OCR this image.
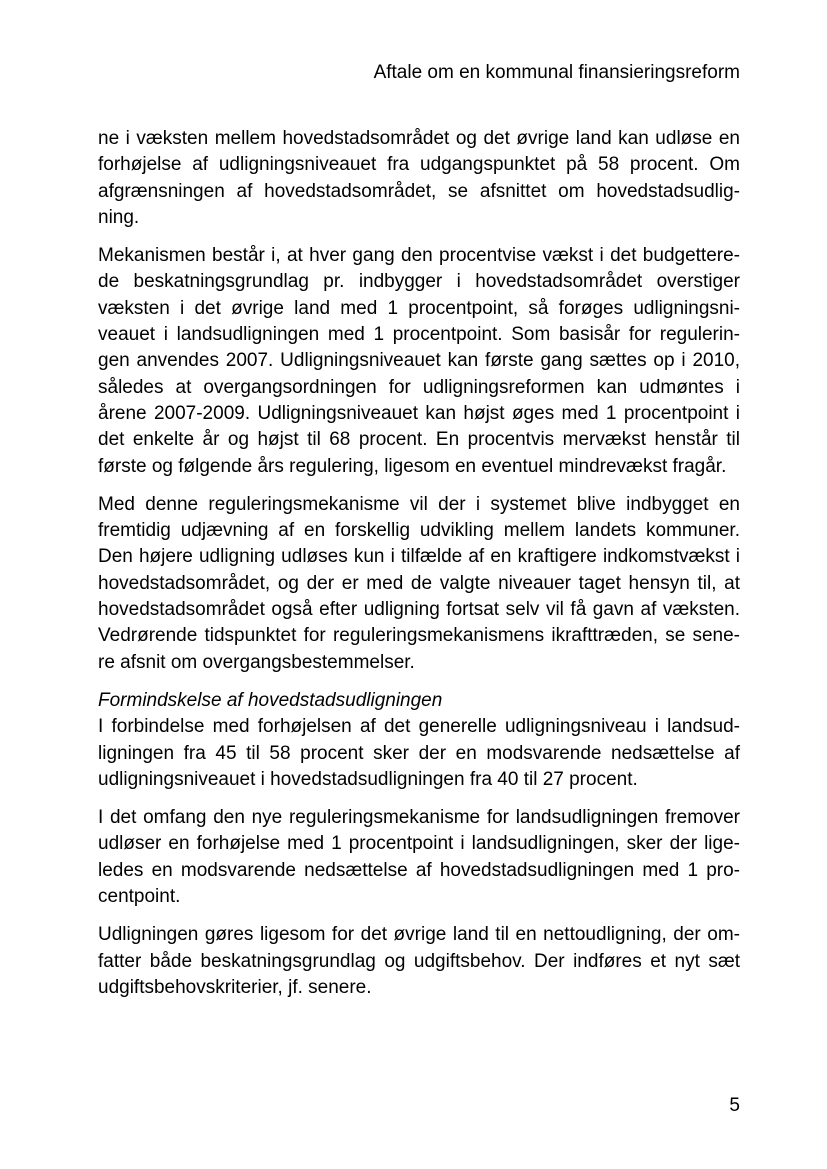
Aftale om en kommunal finansieringsreform
ne i væksten mellem hovedstadsområdet og det øvrige land kan udløse en
forhøjelse af udligningsniveauet fra udgangspunktet på 58 procent. Om
afgrænsningen af hovedstadsområdet, se afsnittet om hovedstadsudlig-
ning.
Mekanismen består i, at hver gang den procentvise vækst i det budgettere-
de beskatningsgrundlag pr. indbygger i hovedstadsområdet overstiger
væksten i det øvrige land med 1 procentpoint, så forøges udligningsni-
veauet i landsudligningen med 1 procentpoint. Som basisår for regulerin-
gen anvendes 2007. Udligningsniveauet kan første gang sættes op i 2010,
således at overgangsordningen for udligningsreformen kan udmøntes i
årene 2007-2009. Udligningsniveauet kan højst øges med 1 procentpoint i
det enkelte år og højst til 68 procent. En procentvis mervækst henstår til
første og følgende års regulering, ligesom en eventuel mindrevækst fragår.
Med denne reguleringsmekanisme vil der i systemet blive indbygget en
fremtidig udjævning af en forskellig udvikling mellem landets kommuner.
Den højere udligning udløses kun i tilfælde af en kraftigere indkomstvækst i
hovedstadsområdet, og der er med de valgte niveauer taget hensyn til, at
hovedstadsområdet også efter udligning fortsat selv vil få gavn af væksten.
Vedrørende tidspunktet for reguleringsmekanismens ikrafttræden, se sene-
re afsnit om overgangsbestemmelser.
Formindskelse af hovedstadsudligningen
I forbindelse med forhøjelsen af det generelle udligningsniveau i landsud-
ligningen fra 45 til 58 procent sker der en modsvarende nedsættelse af
udligningsniveauet i hovedstadsudligningen fra 40 til 27 procent.
I det omfang den nye reguleringsmekanisme for landsudligningen fremover
udløser en forhøjelse med 1 procentpoint i landsudligningen, sker der lige-
ledes en modsvarende nedsættelse af hovedstadsudligningen med 1 pro-
centpoint.
Udligningen gøres ligesom for det øvrige land til en nettoudligning, der om-
fatter både beskatningsgrundlag og udgiftsbehov. Der indføres et nyt sæt
udgiftsbehovskriterier, jf. senere.
5
